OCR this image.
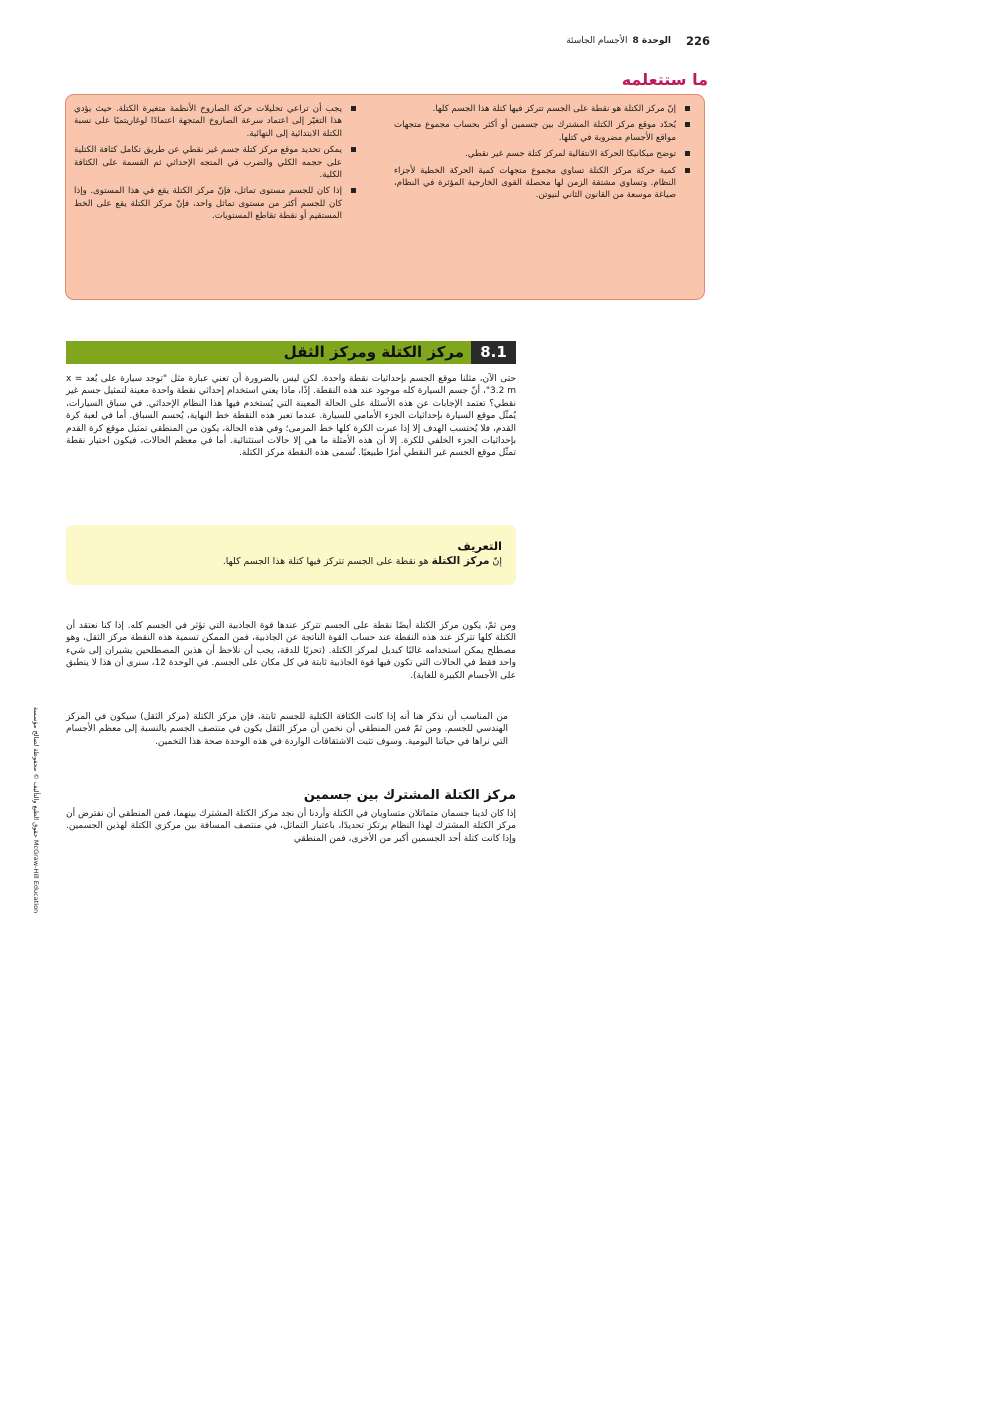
226
الوحدة 8
الأجسام الجاسئة
ما ستتعلمه
إنّ مركز الكتلة هو نقطة على الجسم تتركز فيها كتلة هذا الجسم كلها.
يُحدّد موقع مركز الكتلة المشترك بين جسمين أو أكثر بحساب مجموع متجهات مواقع الأجسام مضروبة في كتلها.
توضح ميكانيكا الحركة الانتقالية لمركز كتلة جسم غير نقطي.
كمية حركة مركز الكتلة تساوي مجموع متجهات كمية الحركة الخطية لأجزاء النظام. وتساوي مشتقة الزمن لها محصلة القوى الخارجية المؤثرة في النظام، صياغة موسعة من القانون الثاني لنيوتن.
يجب أن تراعي تحليلات حركة الصاروخ الأنظمة متغيرة الكتلة. حيث يؤدي هذا التغيّر إلى اعتماد سرعة الصاروخ المتجهة اعتمادًا لوغاريتميًا على نسبة الكتلة الابتدائية إلى النهائية.
يمكن تحديد موقع مركز كتلة جسم غير نقطي عن طريق تكامل كثافة الكتلية على حجمه الكلي والضرب في المتجه الإحداثي ثم القسمة على الكثافة الكلية.
إذا كان للجسم مستوى تماثل، فإنّ مركز الكتلة يقع في هذا المستوى. وإذا كان للجسم أكثر من مستوى تماثل واحد، فإنّ مركز الكتلة يقع على الخط المستقيم أو نقطة تقاطع المستويات.
8.1
مركز الكتلة ومركز الثقل
حتى الآن، مثلنا موقع الجسم بإحداثيات نقطة واحدة. لكن ليس بالضرورة أن تعني عبارة مثل "توجد سيارة على بُعد x = 3.2 m"، أنّ جسم السيارة كله موجود عند هذه النقطة. إذًا، ماذا يعني استخدام إحداثي نقطة واحدة معينة لتمثيل جسم غير نقطي؟ تعتمد الإجابات عن هذه الأسئلة على الحالة المعينة التي يُستخدم فيها هذا النظام الإحداثي. في سباق السيارات، يُمثّل موقع السيارة بإحداثيات الجزء الأمامي للسيارة. عندما تعبر هذه النقطة خط النهاية، يُحسم السباق. أما في لعبة كرة القدم، فلا يُحتسب الهدف إلا إذا عبرت الكرة كلها خط المرمى؛ وفي هذه الحالة، يكون من المنطقي تمثيل موقع كرة القدم بإحداثيات الجزء الخلفي للكرة. إلا أن هذه الأمثلة ما هي إلا حالات استثنائية. أما في معظم الحالات، فيكون اختيار نقطة تمثّل موقع الجسم غير النقطي أمرًا طبيعيًا. تُسمى هذه النقطة مركز الكتلة.
التعريف
إنّ مركز الكتلة هو نقطة على الجسم تتركز فيها كتلة هذا الجسم كلها.
ومن ثمّ، يكون مركز الكتلة أيضًا نقطة على الجسم تتركز عندها قوة الجاذبية التي تؤثر في الجسم كله. إذا كنا نعتقد أن الكتلة كلها تتركز عند هذه النقطة عند حساب القوة الناتجة عن الجاذبية، فمن الممكن تسمية هذه النقطة مركز الثقل، وهو مصطلح يمكن استخدامه غالبًا كبديل لمركز الكتلة. (تحريًا للدقة، يجب أن نلاحظ أن هذين المصطلحين يشيران إلى شيء واحد فقط في الحالات التي تكون فيها قوة الجاذبية ثابتة في كل مكان على الجسم. في الوحدة 12، سنرى أن هذا لا ينطبق على الأجسام الكبيرة للغاية).
من المناسب أن نذكر هنا أنه إذا كانت الكثافة الكتلية للجسم ثابتة، فإن مركز الكتلة (مركز الثقل) سيكون في المركز الهندسي للجسم. ومن ثمّ فمن المنطقي أن نخمن أن مركز الثقل يكون في منتصف الجسم بالنسبة إلى معظم الأجسام التي نراها في حياتنا اليومية. وسوف تثبت الاشتقاقات الواردة في هذه الوحدة صحة هذا التخمين.
مركز الكتلة المشترك بين جسمين
إذا كان لدينا جسمان متماثلان متساويان في الكتلة وأردنا أن نجد مركز الكتلة المشترك بينهما، فمن المنطقي أن نفترض أن مركز الكتلة المشترك لهذا النظام يرتكز تحديدًا، باعتبار التماثل، في منتصف المسافة بين مركزي الكتلة لهذين الجسمين. وإذا كانت كتلة أحد الجسمين أكبر من الأخرى، فمن المنطقي
حقوق الطبع والتأليف © محفوظة لصالح مؤسسة McGraw-Hill Education
